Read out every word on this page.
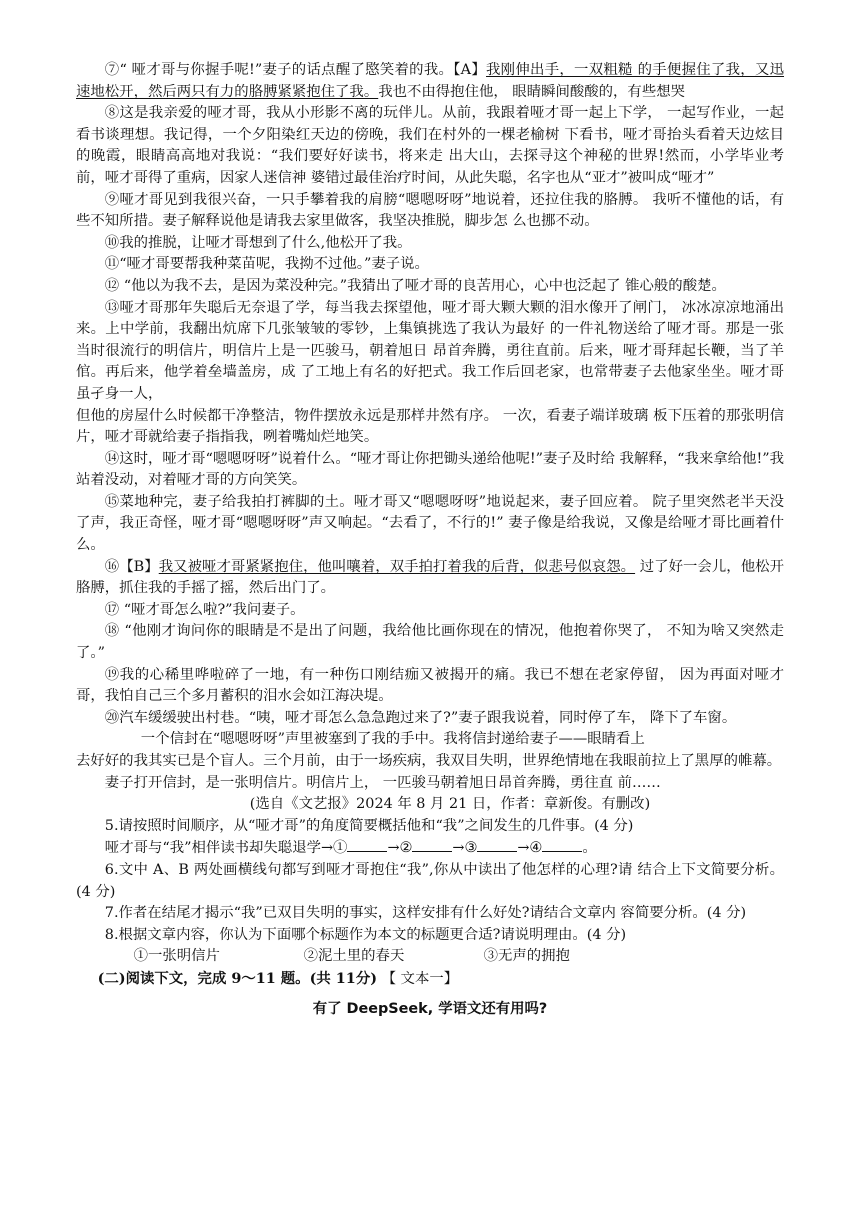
⑦“ 哑才哥与你握手呢!”妻子的话点醒了愍笑着的我。【A】我刚伸出手，一双粗糙 的手便握住了我，又迅速地松开，然后两只有力的胳膊紧紧抱住了我。我也不由得抱住他， 眼睛瞬间酸酸的，有些想哭

⑧这是我亲爱的哑才哥，我从小形影不离的玩伴儿。从前，我跟着哑才哥一起上下学， 一起写作业，一起看书谈理想。我记得，一个夕阳染红天边的傍晚，我们在村外的一棵老榆树 下看书，哑才哥抬头看着天边炫目的晚霞，眼睛高高地对我说：“我们要好好读书，将来走 出大山，去探寻这个神秘的世界!然而，小学毕业考前，哑才哥得了重病，因家人迷信神 婆错过最佳治疗时间，从此失聪，名字也从“亚才”被叫成“哑才”

⑨哑才哥见到我很兴奋，一只手攀着我的肩膀“嗯嗯呀呀”地说着，还拉住我的胳膊。 我听不懂他的话，有些不知所措。妻子解释说他是请我去家里做客，我坚决推脱，脚步怎 么也挪不动。

⑩我的推脱，让哑才哥想到了什么,他松开了我。

⑪“哑才哥要帮我种菜苗呢，我拗不过他。”妻子说。

⑫ “他以为我不去，是因为菜没种完。”我猜出了哑才哥的良苦用心，心中也泛起了 锥心般的酸楚。

⑬哑才哥那年失聪后无奈退了学，每当我去探望他，哑才哥大颗大颗的泪水像开了闸门， 冰冰凉凉地涌出来。上中学前，我翻出炕席下几张皱皱的零钞，上集镇挑选了我认为最好 的一件礼物送给了哑才哥。那是一张当时很流行的明信片，明信片上是一匹骏马，朝着旭日 昂首奔腾，勇往直前。后来，哑才哥拜起长鞭，当了羊倌。再后来，他学着垒墙盖房，成 了工地上有名的好把式。我工作后回老家，也常带妻子去他家坐坐。哑才哥虽孑身一人，

但他的房屋什么时候都干净整洁，物件摆放永远是那样井然有序。 一次，看妻子端详玻璃 板下压着的那张明信片，哑才哥就给妻子指指我，咧着嘴灿烂地笑。

⑭这时，哑才哥“嗯嗯呀呀”说着什么。“哑才哥让你把锄头递给他呢!”妻子及时给 我解释，“我来拿给他!”我站着没动，对着哑才哥的方向笑笑。

⑮菜地种完，妻子给我拍打裤脚的土。哑才哥又“嗯嗯呀呀”地说起来，妻子回应着。 院子里突然老半天没了声，我正奇怪，哑才哥“嗯嗯呀呀”声又响起。“去看了，不行的!” 妻子像是给我说，又像是给哑才哥比画着什么。

⑯【B】我又被哑才哥紧紧抱住，他叫嚷着，双手拍打着我的后背，似悲号似哀怨。 过了好一会儿，他松开胳膊，抓住我的手摇了摇，然后出门了。

⑰ “哑才哥怎么啦?”我问妻子。

⑱ “他刚才询问你的眼睛是不是出了问题，我给他比画你现在的情况，他抱着你哭了， 不知为啥又突然走了。”

⑲我的心稀里哗啦碎了一地，有一种伤口刚结痂又被揭开的痛。我已不想在老家停留， 因为再面对哑才哥，我怕自己三个多月蓄积的泪水会如江海决堤。

⑳汽车缓缓驶出村巷。“咦，哑才哥怎么急急跑过来了?”妻子跟我说着，同时停了车， 降下了车窗。

一个信封在“嗯嗯呀呀”声里被塞到了我的手中。我将信封递给妻子——眼睛看上

去好好的我其实已是个盲人。三个月前，由于一场疾病，我双目失明，世界绝情地在我眼前拉上了黑厚的帷幕。

妻子打开信封，是一张明信片。明信片上， 一匹骏马朝着旭日昂首奔腾，勇往直 前……

(选自《文艺报》2024 年 8 月 21 日，作者：章新俊。有删改)

5.请按照时间顺序，从“哑才哥”的角度简要概括他和“我”之间发生的几件事。(4 分)

哑才哥与“我”相伴读书却失聪退学→①	→②	→③	→④	。

6.文中 A、B 两处画横线句都写到哑才哥抱住“我”,你从中读出了他怎样的心理?请 结合上下文简要分析。(4 分)

7.作者在结尾才揭示“我”已双目失明的事实，这样安排有什么好处?请结合文章内 容简要分析。(4 分)

8.根据文章内容，你认为下面哪个标题作为本文的标题更合适?请说明理由。(4 分)

①一张明信片	②泥土里的春天	③无声的拥抱

(二)阅读下文，完成 9～11 题。(共 11分) 【 文本一】

有了 DeepSeek, 学语文还有用吗?
